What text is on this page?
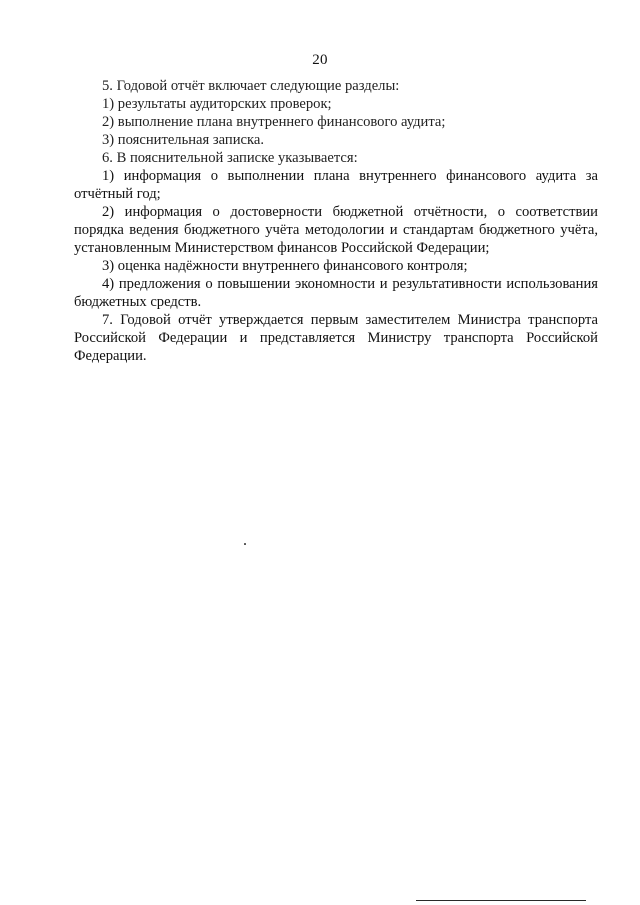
20

5. Годовой отчёт включает следующие разделы:

1) результаты аудиторских проверок;

2) выполнение плана внутреннего финансового аудита;

3) пояснительная записка.

6. В пояснительной записке указывается:

1) информация о выполнении плана внутреннего финансового аудита за отчётный год;

2) информация о достоверности бюджетной отчётности, о соответствии порядка ведения бюджетного учёта методологии и стандартам бюджетного учёта, установленным Министерством финансов Российской Федерации;

3) оценка надёжности внутреннего финансового контроля;

4) предложения о повышении экономности и результативности использования бюджетных средств.

7. Годовой отчёт утверждается первым заместителем Министра транспорта Российской Федерации и представляется Министру транспорта Российской Федерации.
